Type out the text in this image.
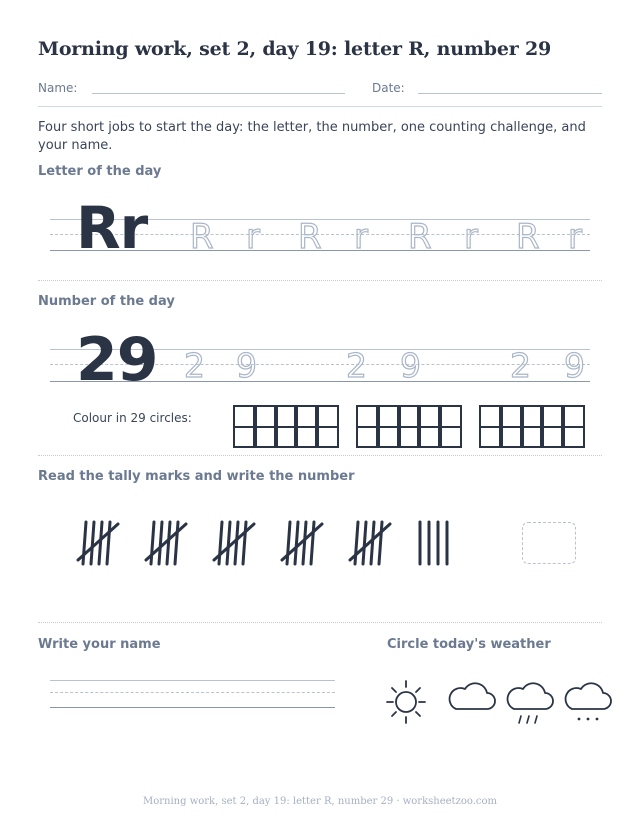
Morning work, set 2, day 19: letter R, number 29
Name:	Date:
Four short jobs to start the day: the letter, the number, one counting challenge, and your name.
Letter of the day
Rr R r R r R r R r
Number of the day
29 2 9	2 9	2 9
Colour in 29 circles:
Read the tally marks and write the number
Write your name	Circle today's weather
Morning work, set 2, day 19: letter R, number 29 · worksheetzoo.com
